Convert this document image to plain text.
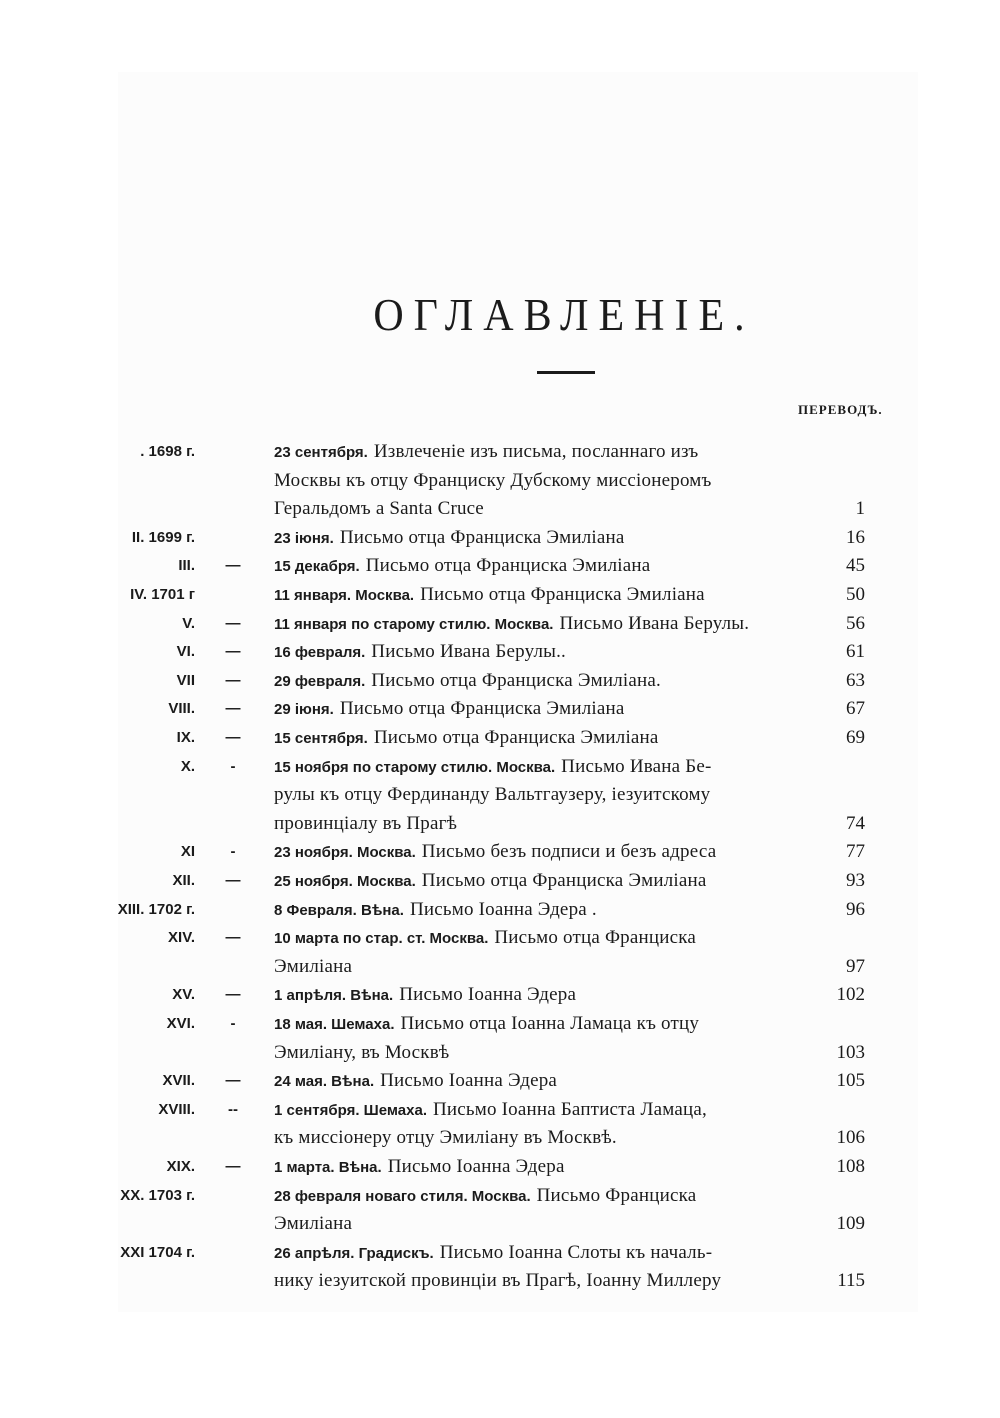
ОГЛАВЛЕНІЕ.
ПЕРЕВОДЪ.
. 1698 г.	23 сентября. Извлеченіе изъ письма, посланнаго изъ
Москвы къ отцу Франциску Дубскому миссіонеромъ
Геральдомъ а Santa Cruce	1
II. 1699 г.	23 іюня. Письмо отца Франциска Эмиліана	16
III.	—	15 декабря. Письмо отца Франциска Эмиліана	45
IV. 1701 г	11 января. Москва. Письмо отца Франциска Эмиліана	50
V.	—	11 января по старому стилю. Москва. Письмо Ивана Берулы.	56
VI.	—	16 февраля. Письмо Ивана Берулы..	61
VII	—	29 февраля. Письмо отца Франциска Эмиліана.	63
VIII.	—	29 іюня. Письмо отца Франциска Эмиліана	67
IX.	—	15 сентября. Письмо отца Франциска Эмиліана	69
X.	-	15 ноября по старому стилю. Москва. Письмо Ивана Бе-
рулы къ отцу Фердинанду Вальтгаузеру, іезуитскому
провинціалу въ Прагѣ	74
XI	-	23 ноября. Москва. Письмо безъ подписи и безъ адреса	77
XII.	—	25 ноября. Москва. Письмо отца Франциска Эмиліана	93
XIII. 1702 г.	8 Февраля. Вѣна. Письмо Іоанна Эдера .	96
XIV.	—	10 марта по стар. ст. Москва. Письмо отца Франциска
Эмиліана	97
XV.	—	1 апрѣля. Вѣна. Письмо Іоанна Эдера	102
XVI.	-	18 мая. Шемаха. Письмо отца Іоанна Ламаца къ отцу
Эмиліану, въ Москвѣ	103
XVII.	—	24 мая. Вѣна. Письмо Іоанна Эдера	105
XVIII.	--	1 сентября. Шемаха. Письмо Іоанна Баптиста Ламаца,
къ миссіонеру отцу Эмиліану въ Москвѣ.	106
XIX.	—	1 марта. Вѣна. Письмо Іоанна Эдера	108
XX. 1703 г.	28 февраля новаго стиля. Москва. Письмо Франциска
Эмиліана	109
XXI 1704 г.	26 апрѣля. Градискъ. Письмо Іоанна Слоты къ началь-
нику іезуитской провинціи въ Прагѣ, Іоанну Миллеру	115
